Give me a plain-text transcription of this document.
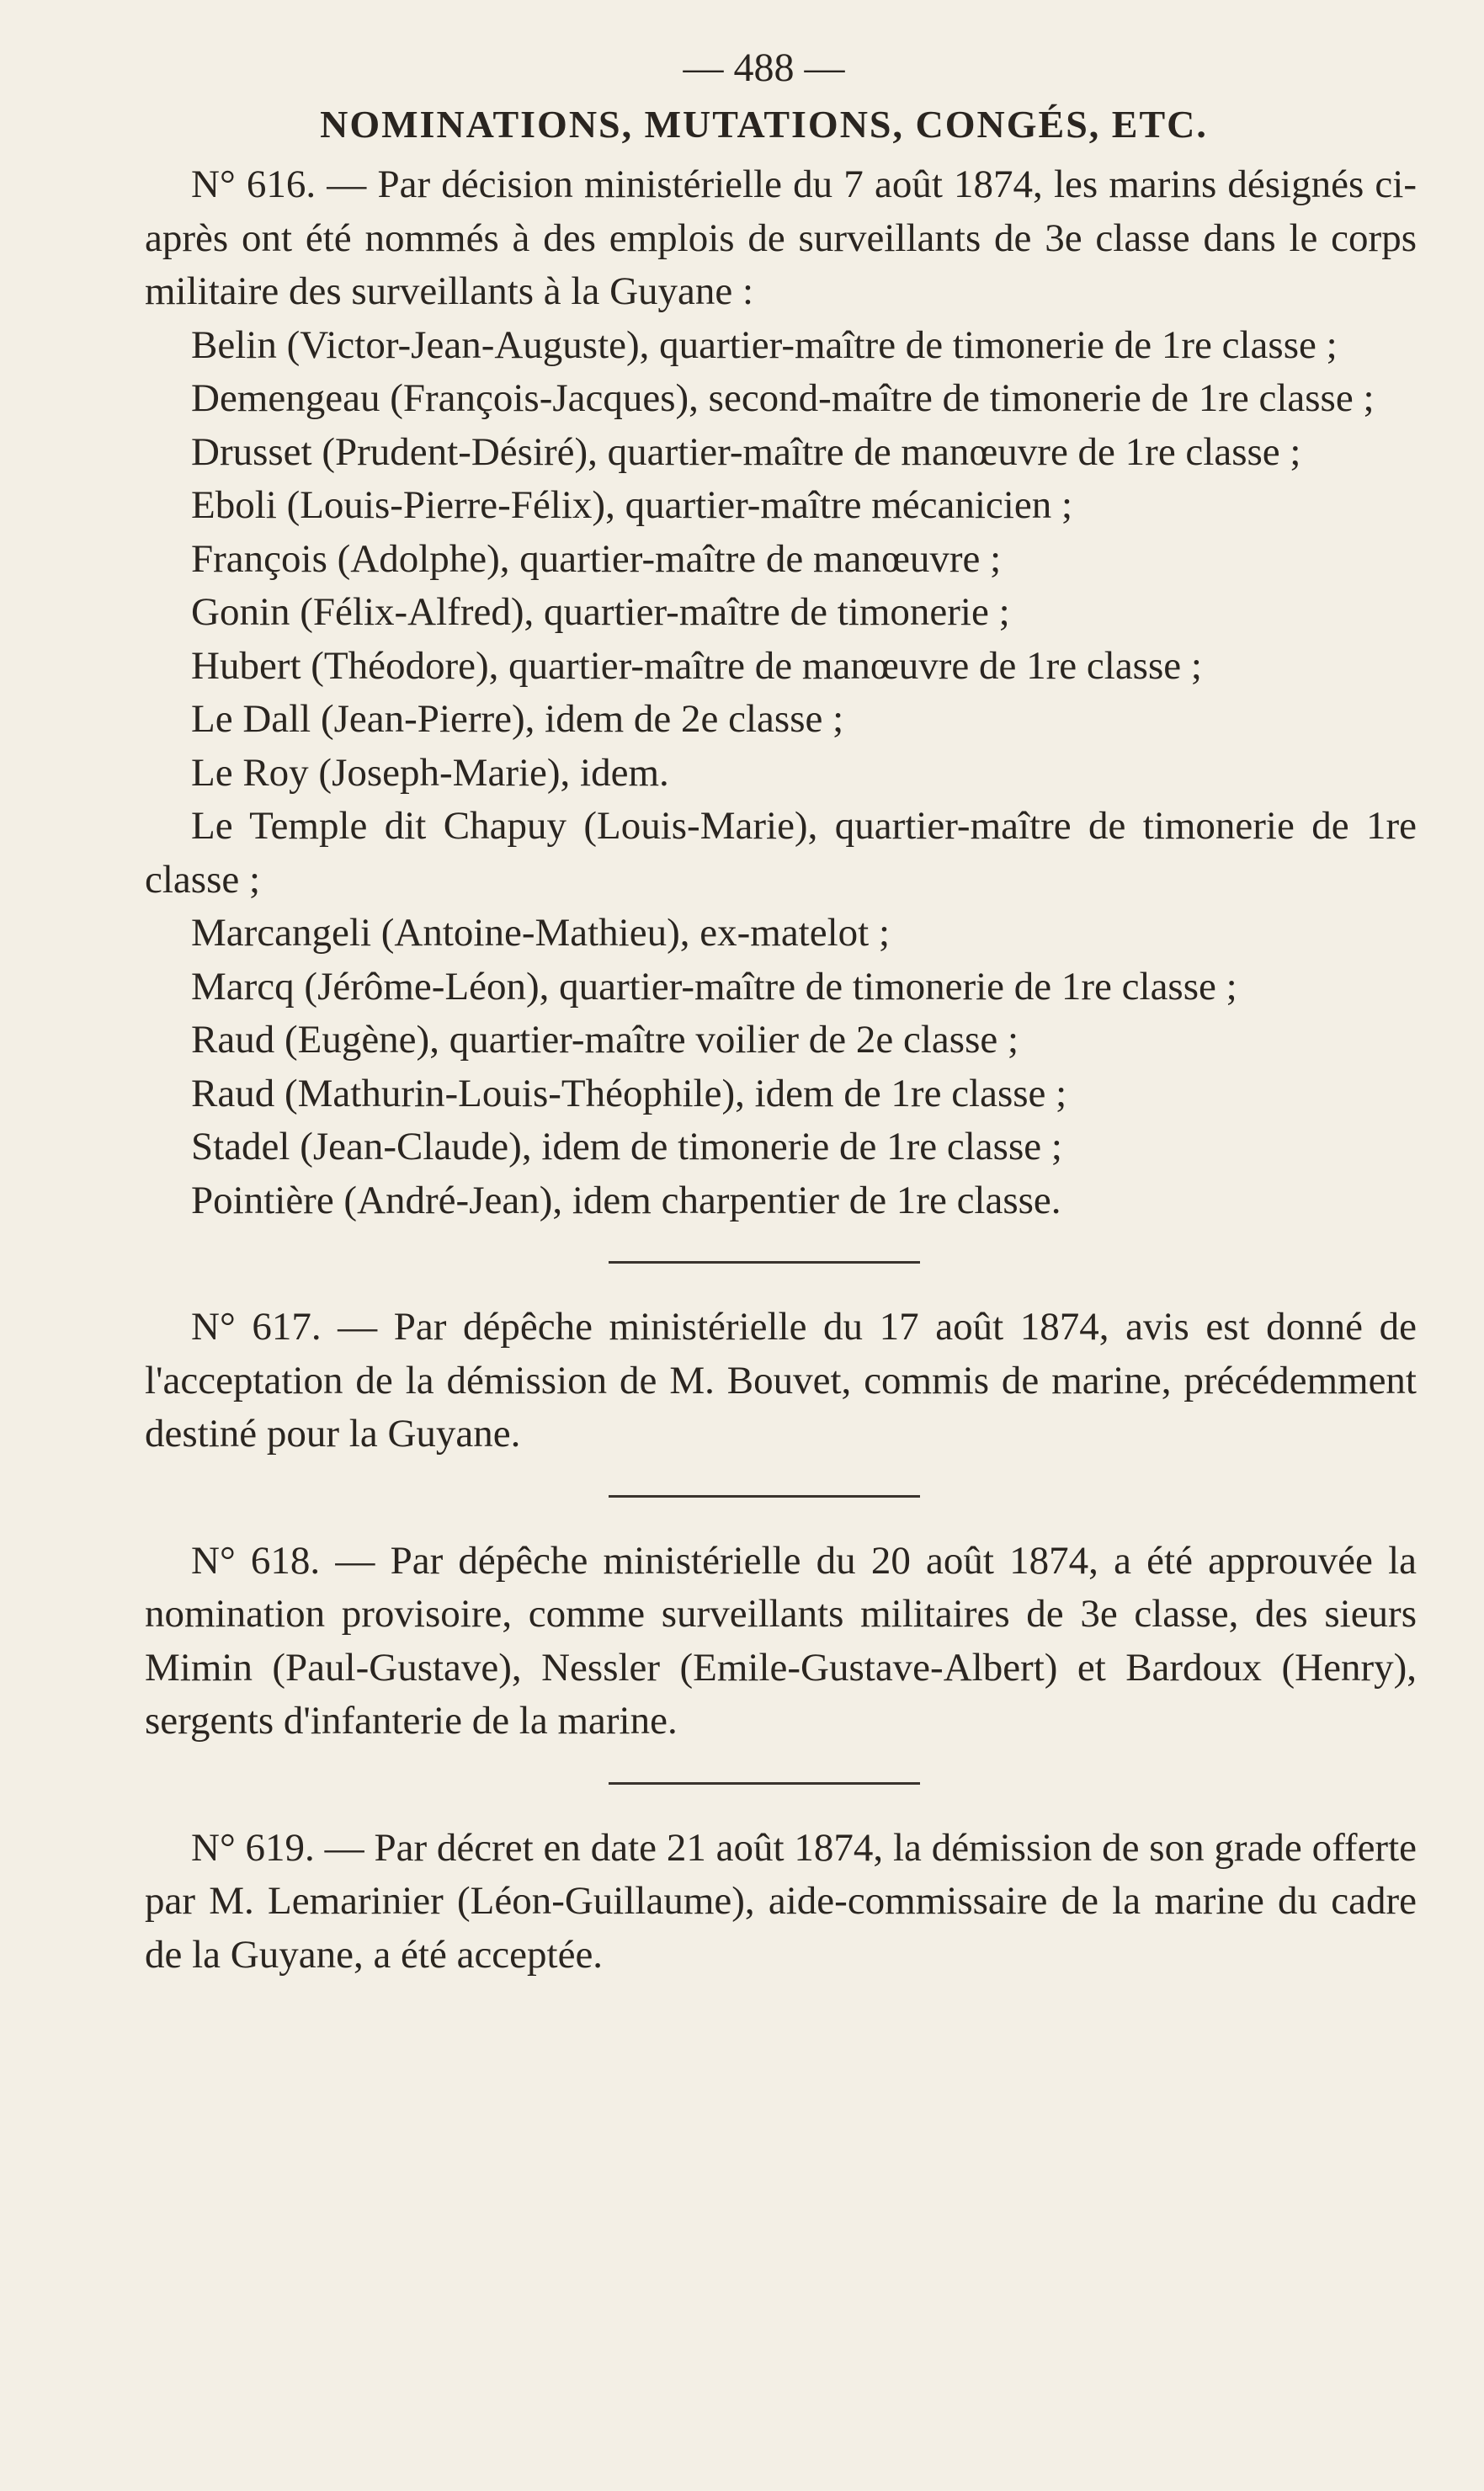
— 488 —
NOMINATIONS, MUTATIONS, CONGÉS, ETC.

N° 616. — Par décision ministérielle du 7 août 1874, les marins désignés ci-après ont été nommés à des emplois de surveillants de 3e classe dans le corps militaire des surveillants à la Guyane :

Belin (Victor-Jean-Auguste), quartier-maître de timonerie de 1re classe ;

Demengeau (François-Jacques), second-maître de timonerie de 1re classe ;

Drusset (Prudent-Désiré), quartier-maître de manœuvre de 1re classe ;

Eboli (Louis-Pierre-Félix), quartier-maître mécanicien ;

François (Adolphe), quartier-maître de manœuvre ;

Gonin (Félix-Alfred), quartier-maître de timonerie ;

Hubert (Théodore), quartier-maître de manœuvre de 1re classe ;

Le Dall (Jean-Pierre), idem de 2e classe ;

Le Roy (Joseph-Marie), idem.

Le Temple dit Chapuy (Louis-Marie), quartier-maître de timonerie de 1re classe ;

Marcangeli (Antoine-Mathieu), ex-matelot ;

Marcq (Jérôme-Léon), quartier-maître de timonerie de 1re classe ;

Raud (Eugène), quartier-maître voilier de 2e classe ;

Raud (Mathurin-Louis-Théophile), idem de 1re classe ;

Stadel (Jean-Claude), idem de timonerie de 1re classe ;

Pointière (André-Jean), idem charpentier de 1re classe.

N° 617. — Par dépêche ministérielle du 17 août 1874, avis est donné de l'acceptation de la démission de M. Bouvet, commis de marine, précédemment destiné pour la Guyane.

N° 618. — Par dépêche ministérielle du 20 août 1874, a été approuvée la nomination provisoire, comme surveillants militaires de 3e classe, des sieurs Mimin (Paul-Gustave), Nessler (Emile-Gustave-Albert) et Bardoux (Henry), sergents d'infanterie de la marine.

N° 619. — Par décret en date 21 août 1874, la démission de son grade offerte par M. Lemarinier (Léon-Guillaume), aide-commissaire de la marine du cadre de la Guyane, a été acceptée.
